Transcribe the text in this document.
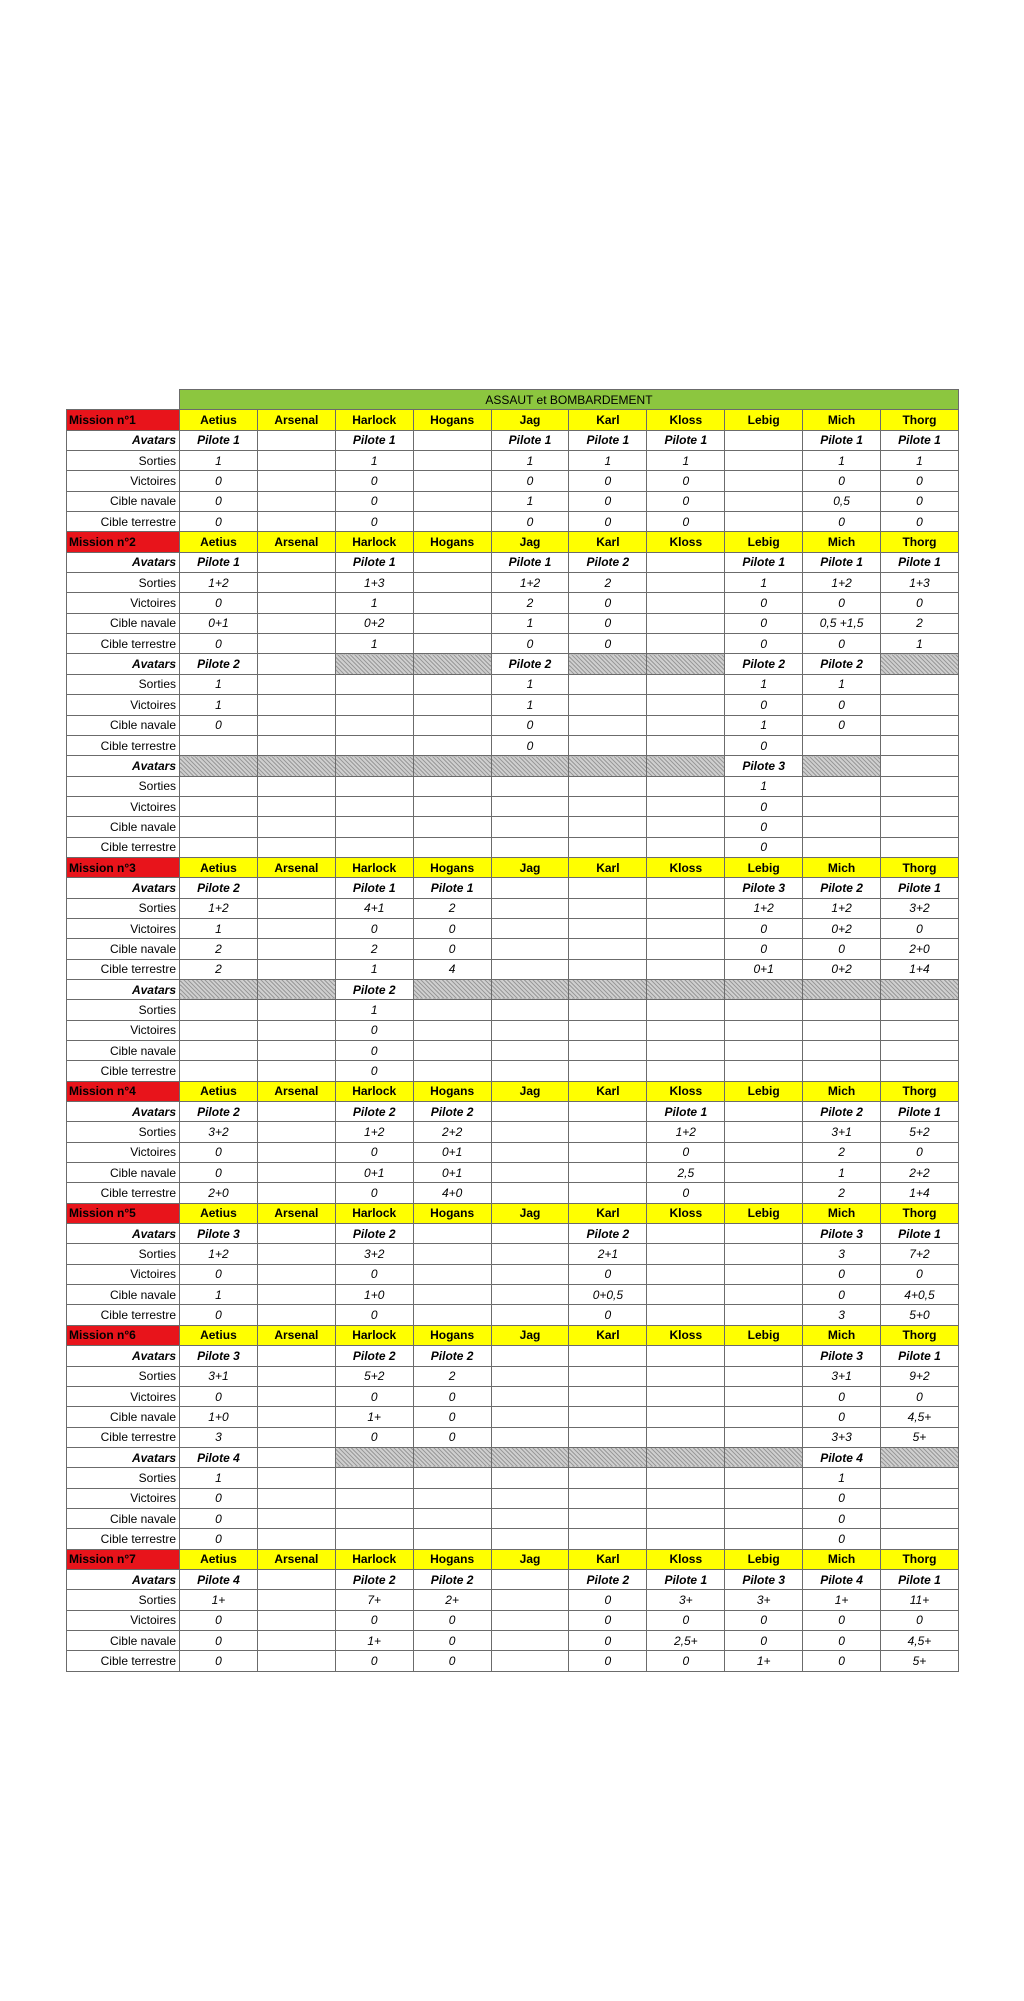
	ASSAUT et BOMBARDEMENT									
Mission n°1	Aetius	Arsenal	Harlock	Hogans	Jag	Karl	Kloss	Lebig	Mich	Thorg
Avatars	Pilote 1		Pilote 1		Pilote 1	Pilote 1	Pilote 1		Pilote 1	Pilote 1
Sorties	1		1		1	1	1		1	1
Victoires	0		0		0	0	0		0	0
Cible navale	0		0		1	0	0		0,5	0
Cible terrestre	0		0		0	0	0		0	0
Mission n°2	Aetius	Arsenal	Harlock	Hogans	Jag	Karl	Kloss	Lebig	Mich	Thorg
Avatars	Pilote 1		Pilote 1		Pilote 1	Pilote 2		Pilote 1	Pilote 1	Pilote 1
Sorties	1+2		1+3		1+2	2		1	1+2	1+3
Victoires	0		1		2	0		0	0	0
Cible navale	0+1		0+2		1	0		0	0,5 +1,5	2
Cible terrestre	0		1		0	0		0	0	1
Avatars	Pilote 2				Pilote 2			Pilote 2	Pilote 2	
Sorties	1				1			1	1	
Victoires	1				1			0	0	
Cible navale	0				0			1	0	
Cible terrestre					0			0		
Avatars								Pilote 3		
Sorties								1		
Victoires								0		
Cible navale								0		
Cible terrestre								0		
Mission n°3	Aetius	Arsenal	Harlock	Hogans	Jag	Karl	Kloss	Lebig	Mich	Thorg
Avatars	Pilote 2		Pilote 1	Pilote 1				Pilote 3	Pilote 2	Pilote 1
Sorties	1+2		4+1	2				1+2	1+2	3+2
Victoires	1		0	0				0	0+2	0
Cible navale	2		2	0				0	0	2+0
Cible terrestre	2		1	4				0+1	0+2	1+4
Avatars			Pilote 2							
Sorties			1							
Victoires			0							
Cible navale			0							
Cible terrestre			0							
Mission n°4	Aetius	Arsenal	Harlock	Hogans	Jag	Karl	Kloss	Lebig	Mich	Thorg
Avatars	Pilote 2		Pilote 2	Pilote 2			Pilote 1		Pilote 2	Pilote 1
Sorties	3+2		1+2	2+2			1+2		3+1	5+2
Victoires	0		0	0+1			0		2	0
Cible navale	0		0+1	0+1			2,5		1	2+2
Cible terrestre	2+0		0	4+0			0		2	1+4
Mission n°5	Aetius	Arsenal	Harlock	Hogans	Jag	Karl	Kloss	Lebig	Mich	Thorg
Avatars	Pilote 3		Pilote 2			Pilote 2			Pilote 3	Pilote 1
Sorties	1+2		3+2			2+1			3	7+2
Victoires	0		0			0			0	0
Cible navale	1		1+0			0+0,5			0	4+0,5
Cible terrestre	0		0			0			3	5+0
Mission n°6	Aetius	Arsenal	Harlock	Hogans	Jag	Karl	Kloss	Lebig	Mich	Thorg
Avatars	Pilote 3		Pilote 2	Pilote 2					Pilote 3	Pilote 1
Sorties	3+1		5+2	2					3+1	9+2
Victoires	0		0	0					0	0
Cible navale	1+0		1+	0					0	4,5+
Cible terrestre	3		0	0					3+3	5+
Avatars	Pilote 4								Pilote 4	
Sorties	1								1	
Victoires	0								0	
Cible navale	0								0	
Cible terrestre	0								0	
Mission n°7	Aetius	Arsenal	Harlock	Hogans	Jag	Karl	Kloss	Lebig	Mich	Thorg
Avatars	Pilote 4		Pilote 2	Pilote 2		Pilote 2	Pilote 1	Pilote 3	Pilote 4	Pilote 1
Sorties	1+		7+	2+		0	3+	3+	1+	11+
Victoires	0		0	0		0	0	0	0	0
Cible navale	0		1+	0		0	2,5+	0	0	4,5+
Cible terrestre	0		0	0		0	0	1+	0	5+
